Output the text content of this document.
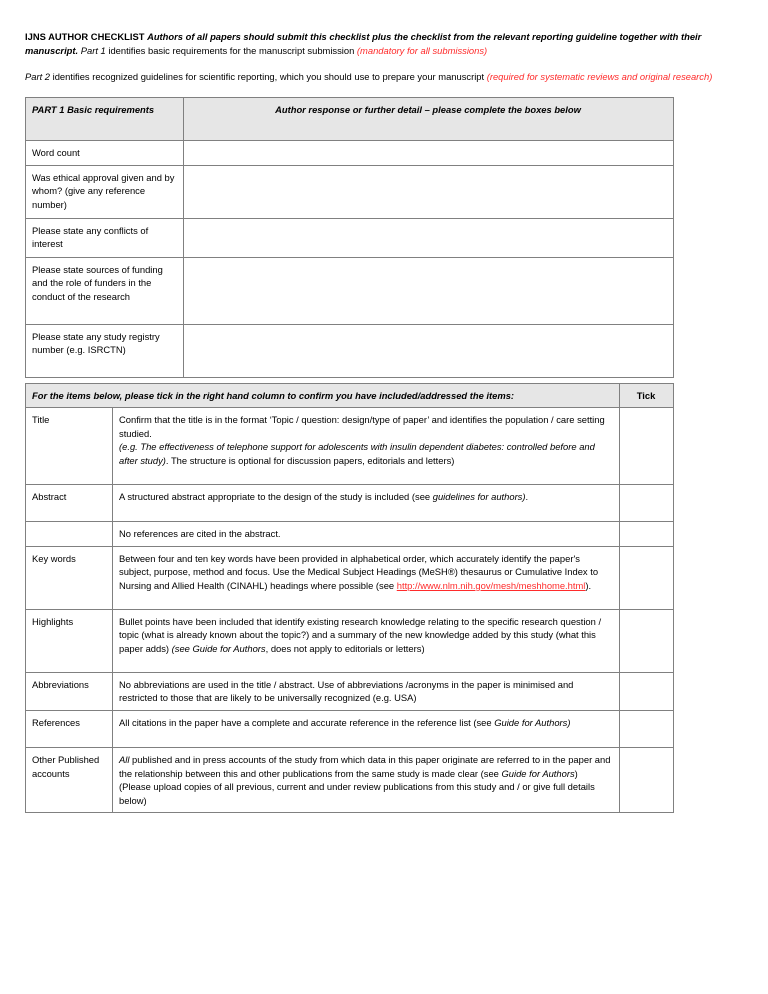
IJNS AUTHOR CHECKLIST Authors of all papers should submit this checklist plus the checklist from the relevant reporting guideline together with their manuscript. Part 1 identifies basic requirements for the manuscript submission (mandatory for all submissions)

Part 2 identifies recognized guidelines for scientific reporting, which you should use to prepare your manuscript (required for systematic reviews and original research)

PART 1 Basic requirements	Author response or further detail – please complete the boxes below
Word count	
Was ethical approval given and by whom? (give any reference number)	
Please state any conflicts of interest	
Please state sources of funding and the role of funders in the conduct of the research	
Please state any study registry number (e.g. ISRCTN)	
For the items below, please tick in the right hand column to confirm you have included/addressed the items:		Tick
Title	Confirm that the title is in the format ‘Topic / question: design/type of paper’ and identifies the population / care setting studied.
(e.g. The effectiveness of telephone support for adolescents with insulin dependent diabetes: controlled before and after study). The structure is optional for discussion papers, editorials and letters)	
Abstract	A structured abstract appropriate to the design of the study is included (see guidelines for authors).	
	No references are cited in the abstract.	
Key words	Between four and ten key words have been provided in alphabetical order, which accurately identify the paper's subject, purpose, method and focus. Use the Medical Subject Headings (MeSH®) thesaurus or Cumulative Index to Nursing and Allied Health (CINAHL) headings where possible (see http://www.nlm.nih.gov/mesh/meshhome.html).	
Highlights	Bullet points have been included that identify existing research knowledge relating to the specific research question / topic (what is already known about the topic?) and a summary of the new knowledge added by this study (what this paper adds) (see Guide for Authors, does not apply to editorials or letters)	
Abbreviations	No abbreviations are used in the title / abstract. Use of abbreviations /acronyms in the paper is minimised and restricted to those that are likely to be universally recognized (e.g. USA)	
References	All citations in the paper have a complete and accurate reference in the reference list (see Guide for Authors)	
Other Published accounts	All published and in press accounts of the study from which data in this paper originate are referred to in the paper and the relationship between this and other publications from the same study is made clear (see Guide for Authors) (Please upload copies of all previous, current and under review publications from this study and / or give full details below)	
